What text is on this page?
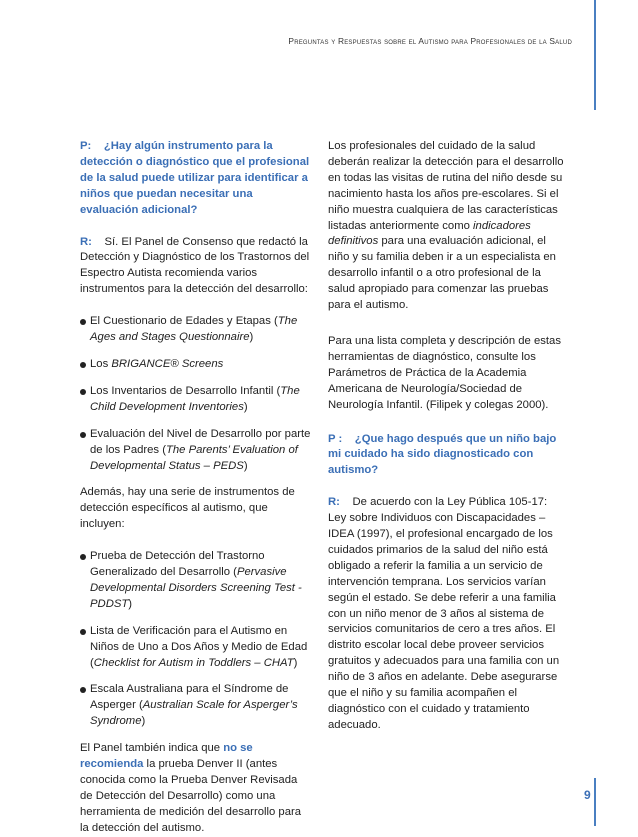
Preguntas y Respuestas sobre el Autismo para Profesionales de la Salud

P: ¿Hay algún instrumento para la detección o diagnóstico que el profesional de la salud puede utilizar para identificar a niños que puedan necesitar una evaluación adicional?

R: Sí. El Panel de Consenso que redactó la Detección y Diagnóstico de los Trastornos del Espectro Autista recomienda varios instrumentos para la detección del desarrollo:

El Cuestionario de Edades y Etapas (The Ages and Stages Questionnaire)
Los BRIGANCE® Screens
Los Inventarios de Desarrollo Infantil (The Child Development Inventories)
Evaluación del Nivel de Desarrollo por parte de los Padres (The Parents’ Evaluation of Developmental Status – PEDS)

Además, hay una serie de instrumentos de detección específicos al autismo, que incluyen:

Prueba de Detección del Trastorno Generalizado del Desarrollo (Pervasive Developmental Disorders Screening Test - PDDST)
Lista de Verificación para el Autismo en Niños de Uno a Dos Años y Medio de Edad (Checklist for Autism in Toddlers – CHAT)
Escala Australiana para el Síndrome de Asperger (Australian Scale for Asperger’s Syndrome)

El Panel también indica que no se recomienda la prueba Denver II (antes conocida como la Prueba Denver Revisada de Detección del Desarrollo) como una herramienta de medición del desarrollo para la detección del autismo.

Los profesionales del cuidado de la salud deberán realizar la detección para el desarrollo en todas las visitas de rutina del niño desde su nacimiento hasta los años pre-escolares. Si el niño muestra cualquiera de las características listadas anteriormente como indicadores definitivos para una evaluación adicional, el niño y su familia deben ir a un especialista en desarrollo infantil o a otro profesional de la salud apropiado para comenzar las pruebas para el autismo.

Para una lista completa y descripción de estas herramientas de diagnóstico, consulte los Parámetros de Práctica de la Academia Americana de Neurología/Sociedad de Neurología Infantil. (Filipek y colegas 2000).

P : ¿Que hago después que un niño bajo mi cuidado ha sido diagnosticado con autismo?

R: De acuerdo con la Ley Pública 105-17: Ley sobre Individuos con Discapacidades –IDEA (1997), el profesional encargado de los cuidados primarios de la salud del niño está obligado a referir la familia a un servicio de intervención temprana. Los servicios varían según el estado. Se debe referir a una familia con un niño menor de 3 años al sistema de servicios comunitarios de cero a tres años. El distrito escolar local debe proveer servicios gratuitos y adecuados para una familia con un niño de 3 años en adelante. Debe asegurarse que el niño y su familia acompañen el diagnóstico con el cuidado y tratamiento adecuado.

9
